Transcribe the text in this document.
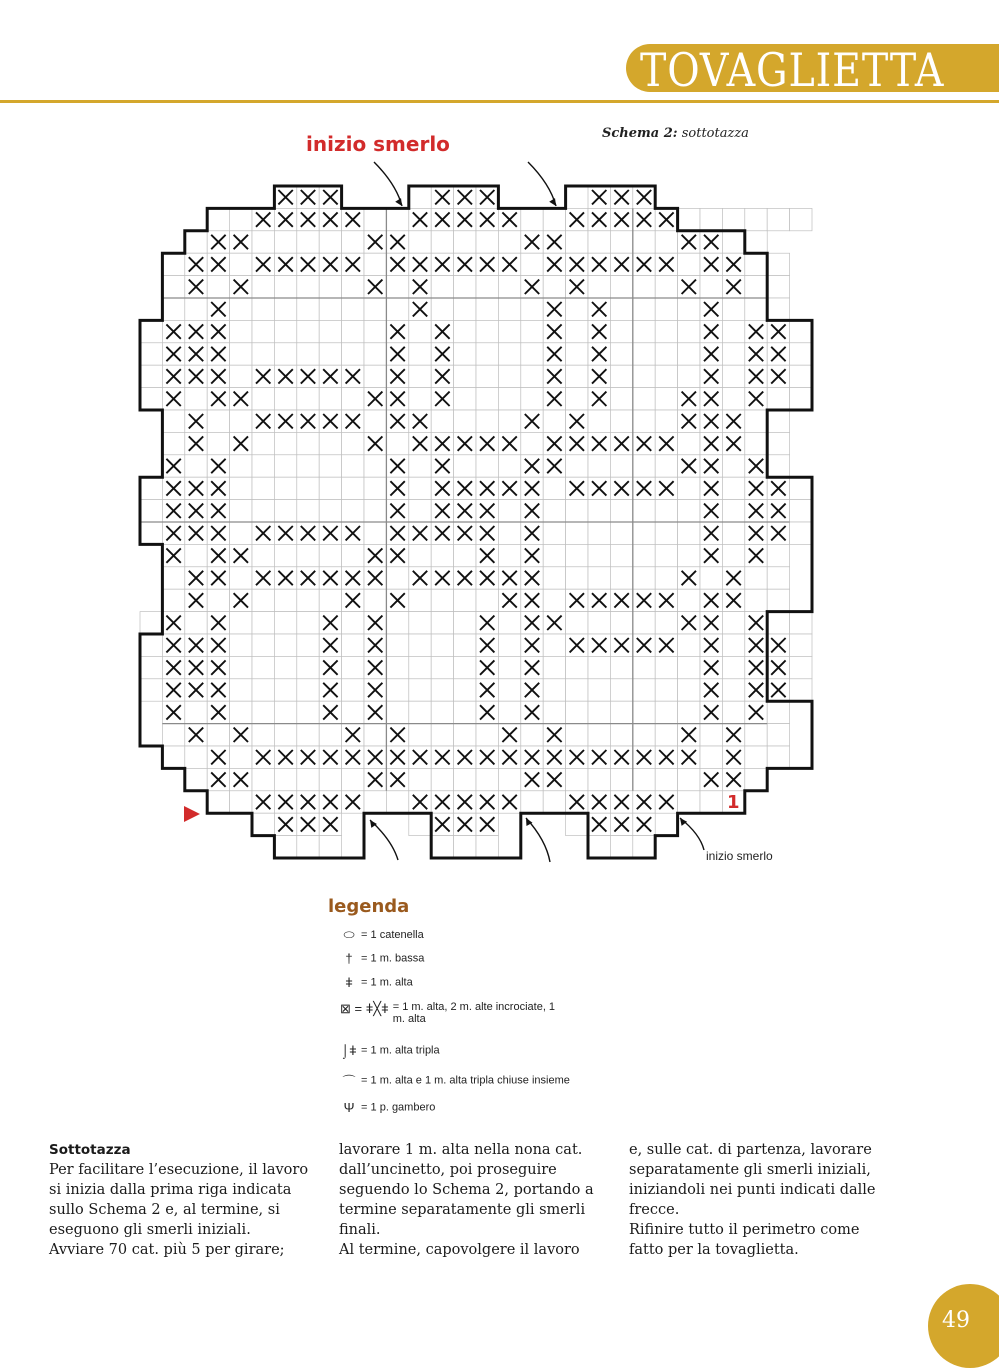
TOVAGLIETTA
Schema 2: sottotazza
inizio smerlo
1
inizio smerlo
legenda
⬭ = 1 catenella
† = 1 m. bassa
ǂ = 1 m. alta
⊠ = ǂ╳ǂ= 1 m. alta, 2 m. alte incrociate, 1 m. alta
⌡ǂ = 1 m. alta tripla
⌒ = 1 m. alta e 1 m. alta tripla chiuse insieme
Ψ = 1 p. gambero

Sottotazza

Per facilitare l’esecuzione, il lavoro si inizia dalla prima riga indicata sullo Schema 2 e, al termine, si eseguono gli smerli iniziali. Avviare 70 cat. più 5 per girare;

lavorare 1 m. alta nella nona cat. dall’uncinetto, poi proseguire seguendo lo Schema 2, portando a termine separatamente gli smerli finali.

Al termine, capovolgere il lavoro

e, sulle cat. di partenza, lavorare separatamente gli smerli iniziali, iniziandoli nei punti indicati dalle frecce.

Rifinire tutto il perimetro come fatto per la tovaglietta.

49
